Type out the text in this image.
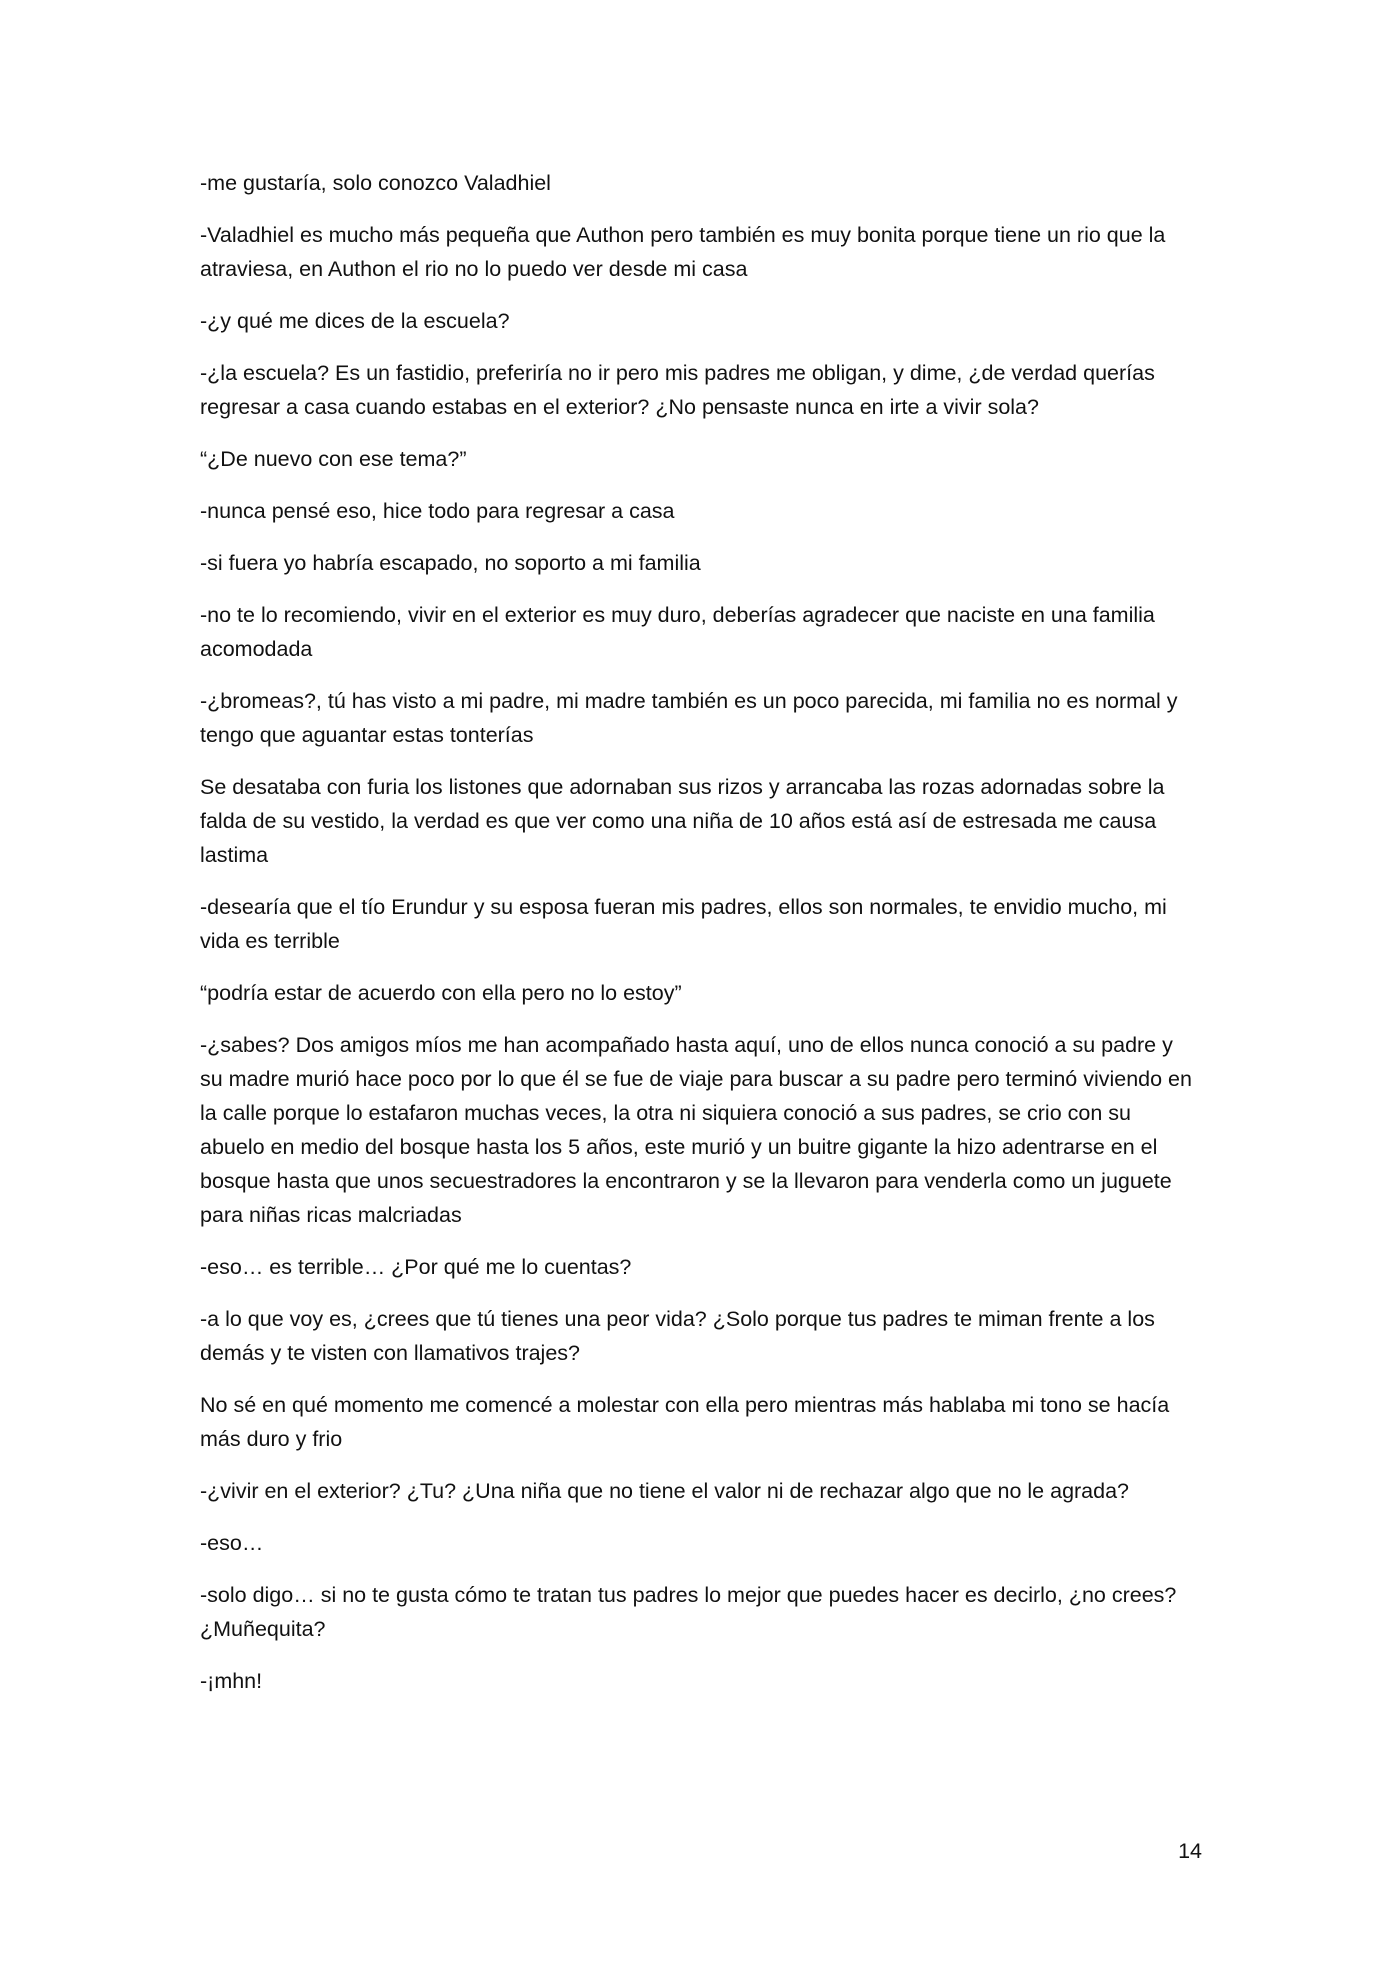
-me gustaría, solo conozco Valadhiel

-Valadhiel es mucho más pequeña que Authon pero también es muy bonita porque tiene un rio que la atraviesa, en Authon el rio no lo puedo ver desde mi casa

-¿y qué me dices de la escuela?

-¿la escuela? Es un fastidio, preferiría no ir pero mis padres me obligan, y dime, ¿de verdad querías regresar a casa cuando estabas en el exterior? ¿No pensaste nunca en irte a vivir sola?

“¿De nuevo con ese tema?”

-nunca pensé eso, hice todo para regresar a casa

-si fuera yo habría escapado, no soporto a mi familia

-no te lo recomiendo, vivir en el exterior es muy duro, deberías agradecer que naciste en una familia acomodada

-¿bromeas?, tú has visto a mi padre, mi madre también es un poco parecida, mi familia no es normal y tengo que aguantar estas tonterías

Se desataba con furia los listones que adornaban sus rizos y arrancaba las rozas adornadas sobre la falda de su vestido, la verdad es que ver como una niña de 10 años está así de estresada me causa lastima

-desearía que el tío Erundur y su esposa fueran mis padres, ellos son normales, te envidio mucho, mi vida es terrible

“podría estar de acuerdo con ella pero no lo estoy”

-¿sabes? Dos amigos míos me han acompañado hasta aquí, uno de ellos nunca conoció a su padre y su madre murió hace poco por lo que él se fue de viaje para buscar a su padre pero terminó viviendo en la calle porque lo estafaron muchas veces, la otra ni siquiera conoció a sus padres, se crio con su abuelo en medio del bosque hasta los 5 años, este murió y un buitre gigante la hizo adentrarse en el bosque hasta que unos secuestradores la encontraron y se la llevaron para venderla como un juguete para niñas ricas malcriadas

-eso… es terrible… ¿Por qué me lo cuentas?

-a lo que voy es, ¿crees que tú tienes una peor vida? ¿Solo porque tus padres te miman frente a los demás y te visten con llamativos trajes?

No sé en qué momento me comencé a molestar con ella pero mientras más hablaba mi tono se hacía más duro y frio

-¿vivir en el exterior? ¿Tu? ¿Una niña que no tiene el valor ni de rechazar algo que no le agrada?

-eso…

-solo digo… si no te gusta cómo te tratan tus padres lo mejor que puedes hacer es decirlo, ¿no crees? ¿Muñequita?

-¡mhn!

14
